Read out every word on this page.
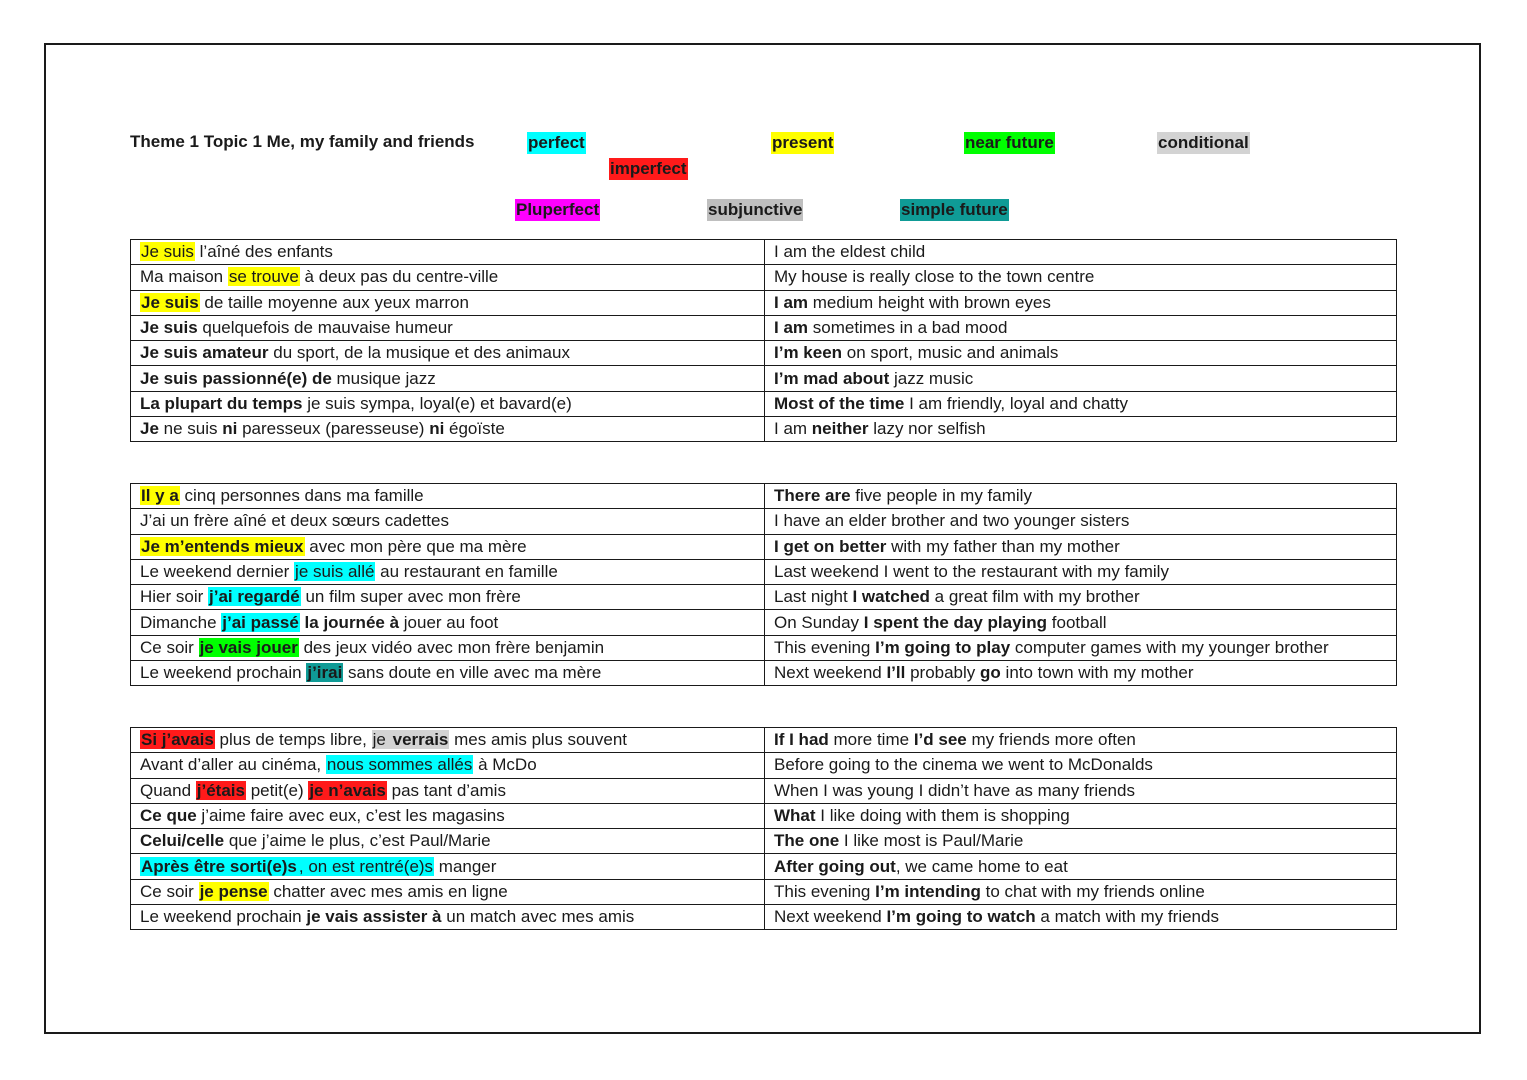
Theme 1 Topic 1 Me, my family and friends	perfect
imperfect
present	near future	conditional
Pluperfect	subjunctive	simple future
Je suis l’aîné des enfants	I am the eldest child
Ma maison se trouve à deux pas du centre-ville	My house is really close to the town centre
Je suis de taille moyenne aux yeux marron	I am medium height with brown eyes
Je suis quelquefois de mauvaise humeur	I am sometimes in a bad mood
Je suis amateur du sport, de la musique et des animaux	I’m keen on sport, music and animals
Je suis passionné(e) de musique jazz	I’m mad about jazz music
La plupart du temps je suis sympa, loyal(e) et bavard(e)	Most of the time I am friendly, loyal and chatty
Je ne suis ni paresseux (paresseuse) ni égoïste	I am neither lazy nor selfish
Il y a cinq personnes dans ma famille	There are five people in my family
J’ai un frère aîné et deux sœurs cadettes	I have an elder brother and two younger sisters
Je m’entends mieux avec mon père que ma mère	I get on better with my father than my mother
Le weekend dernier je suis allé au restaurant en famille	Last weekend I went to the restaurant with my family
Hier soir j’ai regardé un film super avec mon frère	Last night I watched a great film with my brother
Dimanche j’ai passé la journée à jouer au foot	On Sunday I spent the day playing football
Ce soir je vais jouer des jeux vidéo avec mon frère benjamin	This evening I’m going to play computer games with my younger brother
Le weekend prochain j’irai sans doute en ville avec ma mère	Next weekend I’ll probably go into town with my mother
Si j’avais plus de temps libre, je verrais mes amis plus souvent	If I had more time I’d see my friends more often
Avant d’aller au cinéma, nous sommes allés à McDo	Before going to the cinema we went to McDonalds
Quand j’étais petit(e) je n’avais pas tant d’amis	When I was young I didn’t have as many friends
Ce que j’aime faire avec eux, c’est les magasins	What I like doing with them is shopping
Celui/celle que j’aime le plus, c’est Paul/Marie	The one I like most is Paul/Marie
Après être sorti(e)s , on est rentré(e)s manger	After going out, we came home to eat
Ce soir je pense chatter avec mes amis en ligne	This evening I’m intending to chat with my friends online
Le weekend prochain je vais assister à un match avec mes amis	Next weekend I’m going to watch a match with my friends
